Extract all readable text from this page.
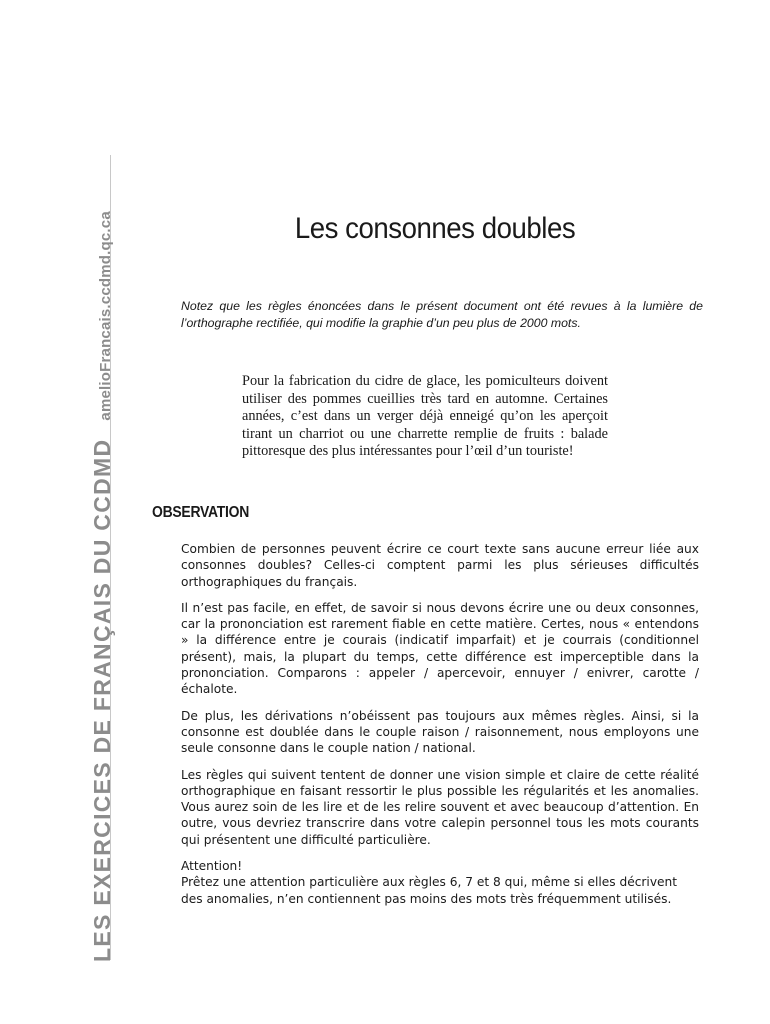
LES EXERCICES DE FRANÇAIS DU CCDMDamelioFrancais.ccdmd.qc.ca	Les consonnes doubles
Notez que les règles énoncées dans le présent document ont été revues à la lumière de l’orthographe rectifiée, qui modifie la graphie d’un peu plus de 2000 mots.
Pour la fabrication du cidre de glace, les pomiculteurs doivent utiliser des pommes cueillies très tard en automne. Certaines années, c’est dans un verger déjà enneigé qu’on les aperçoit tirant un charriot ou une charrette remplie de fruits : balade pittoresque des plus intéressantes pour l’œil d’un touriste!
OBSERVATION

Combien de personnes peuvent écrire ce court texte sans aucune erreur liée aux consonnes doubles? Celles-ci comptent parmi les plus sérieuses difficultés orthographiques du français.

Il n’est pas facile, en effet, de savoir si nous devons écrire une ou deux consonnes, car la prononciation est rarement fiable en cette matière. Certes, nous « entendons » la différence entre je courais (indicatif imparfait) et je courrais (conditionnel présent), mais, la plupart du temps, cette différence est imperceptible dans la prononciation. Comparons : appeler / apercevoir, ennuyer / enivrer, carotte / échalote.

De plus, les dérivations n’obéissent pas toujours aux mêmes règles. Ainsi, si la consonne est doublée dans le couple raison / raisonnement, nous employons une seule consonne dans le couple nation / national.

Les règles qui suivent tentent de donner une vision simple et claire de cette réalité orthographique en faisant ressortir le plus possible les régularités et les anomalies. Vous aurez soin de les lire et de les relire souvent et avec beaucoup d’attention. En outre, vous devriez transcrire dans votre calepin personnel tous les mots courants qui présentent une difficulté particulière.

Attention!
Prêtez une attention particulière aux règles 6, 7 et 8 qui, même si elles décrivent des anomalies, n’en contiennent pas moins des mots très fréquemment utilisés.
